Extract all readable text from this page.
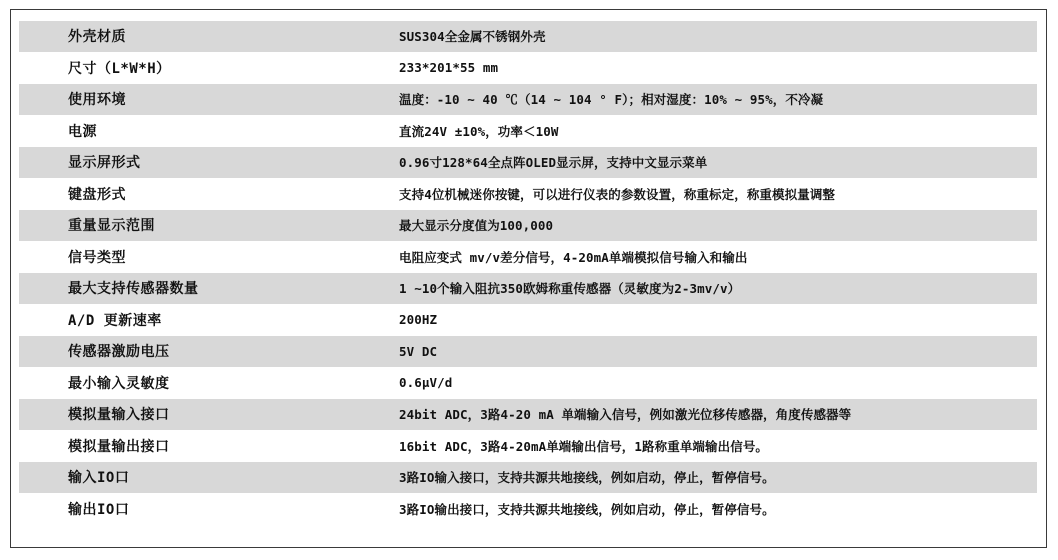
外壳材质	SUS304全金属不锈钢外壳
尺寸（L*W*H）	233*201*55 mm
使用环境	温度：-10 ~ 40 ℃（14 ~ 104 ° F）；相对湿度：10% ~ 95%，不冷凝
电源	直流24V ±10%，功率＜10W
显示屏形式	0.96寸128*64全点阵OLED显示屏，支持中文显示菜单
键盘形式	支持4位机械迷你按键，可以进行仪表的参数设置，称重标定，称重模拟量调整
重量显示范围	最大显示分度值为100,000
信号类型	电阻应变式 mv/v差分信号，4-20mA单端模拟信号输入和输出
最大支持传感器数量	1 ~10个输入阻抗350欧姆称重传感器（灵敏度为2-3mv/v）
A/D 更新速率	200HZ
传感器激励电压	5V DC
最小输入灵敏度	0.6μV/d
模拟量输入接口	24bit ADC，3路4-20 mA 单端输入信号，例如激光位移传感器，角度传感器等
模拟量输出接口	16bit ADC，3路4-20mA单端输出信号，1路称重单端输出信号。
输入IO口	3路IO输入接口，支持共源共地接线，例如启动，停止，暂停信号。
输出IO口	3路IO输出接口，支持共源共地接线，例如启动，停止，暂停信号。
